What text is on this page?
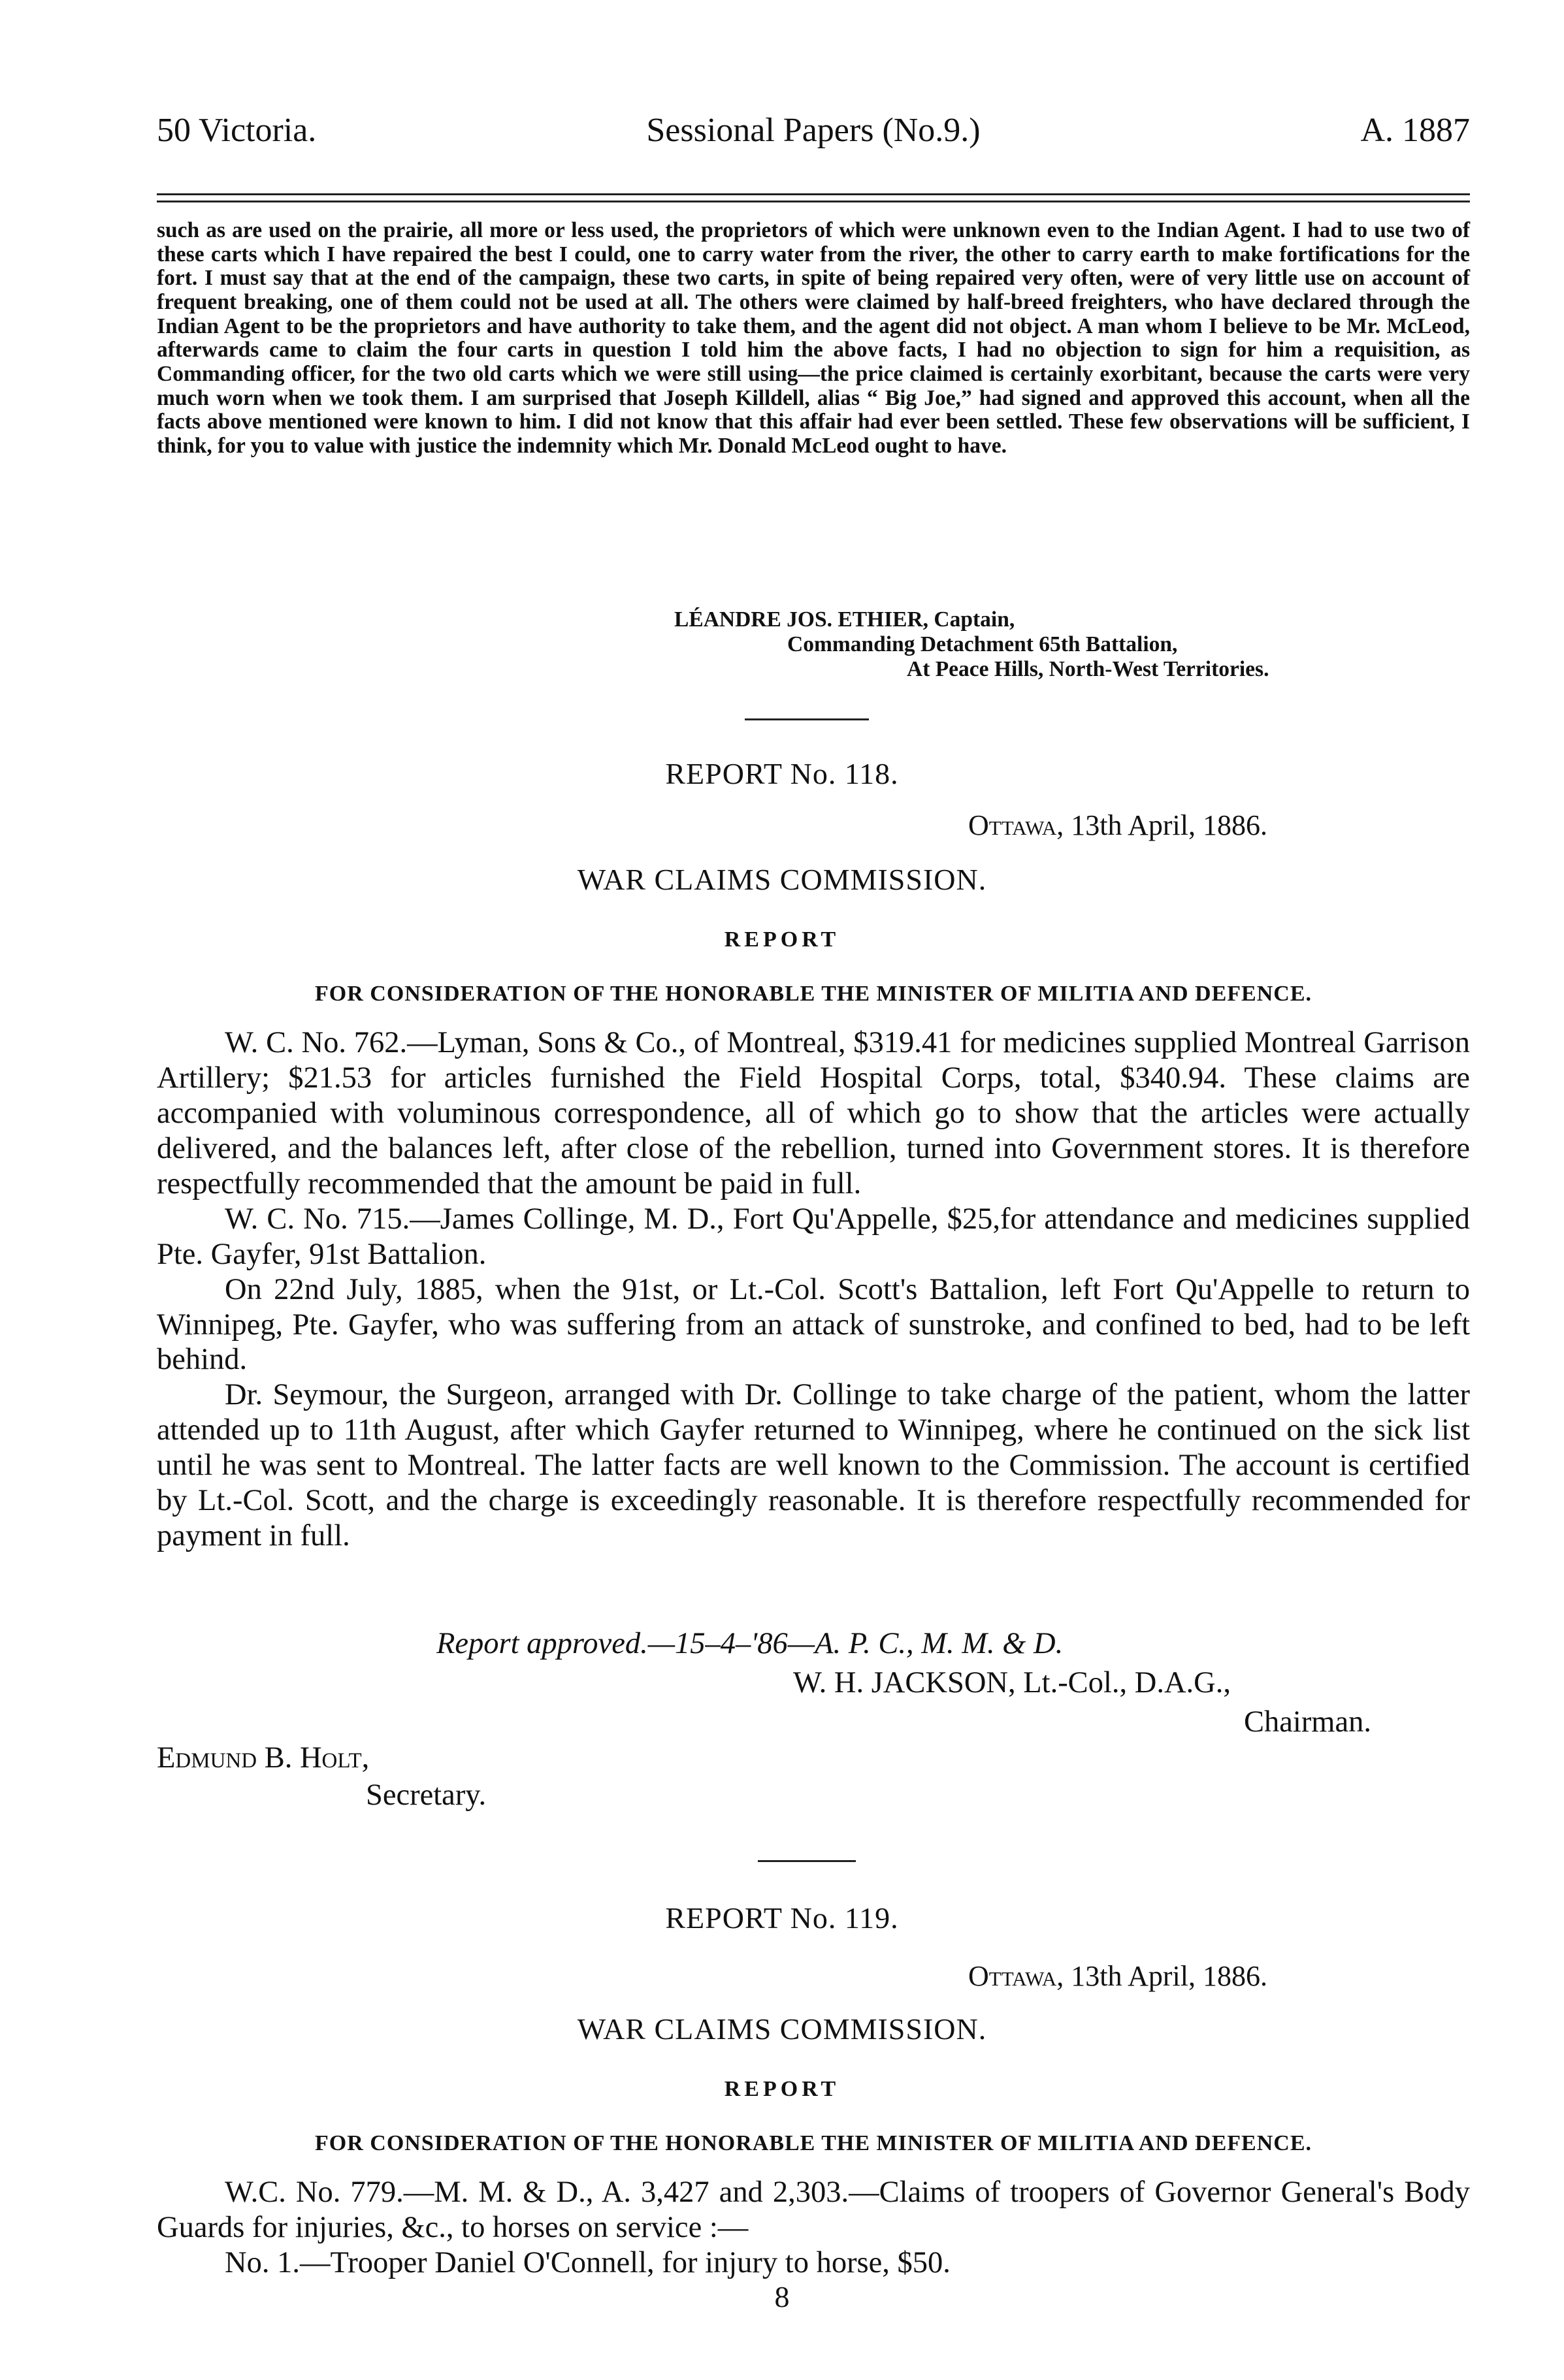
50 Victoria.	Sessional Papers (No.9.)	A. 1887

such as are used on the prairie, all more or less used, the proprietors of which were unknown even to the Indian Agent. I had to use two of these carts which I have repaired the best I could, one to carry water from the river, the other to carry earth to make fortifications for the fort. I must say that at the end of the campaign, these two carts, in spite of being repaired very often, were of very little use on account of frequent breaking, one of them could not be used at all. The others were claimed by half-breed freighters, who have declared through the Indian Agent to be the proprietors and have authority to take them, and the agent did not object. A man whom I believe to be Mr. McLeod, afterwards came to claim the four carts in question I told him the above facts, I had no objection to sign for him a requisition, as Commanding officer, for the two old carts which we were still using—the price claimed is certainly exorbitant, because the carts were very much worn when we took them. I am surprised that Joseph Killdell, alias “ Big Joe,” had signed and approved this account, when all the facts above mentioned were known to him. I did not know that this affair had ever been settled. These few observations will be sufficient, I think, for you to value with justice the indemnity which Mr. Donald McLeod ought to have.

LÉANDRE JOS. ETHIER, Captain,
Commanding Detachment 65th Battalion,
At Peace Hills, North-West Territories.
REPORT No. 118.
Ottawa, 13th April, 1886.
WAR CLAIMS COMMISSION.
REPORT
FOR CONSIDERATION OF THE HONORABLE THE MINISTER OF MILITIA AND DEFENCE.

W. C. No. 762.—Lyman, Sons & Co., of Montreal, $319.41 for medicines supplied Montreal Garrison Artillery; $21.53 for articles furnished the Field Hospital Corps, total, $340.94. These claims are accompanied with voluminous correspondence, all of which go to show that the articles were actually delivered, and the balances left, after close of the rebellion, turned into Government stores. It is therefore respectfully recommended that the amount be paid in full.

W. C. No. 715.—James Collinge, M. D., Fort Qu'Appelle, $25,for attendance and medicines supplied Pte. Gayfer, 91st Battalion.

On 22nd July, 1885, when the 91st, or Lt.-Col. Scott's Battalion, left Fort Qu'Appelle to return to Winnipeg, Pte. Gayfer, who was suffering from an attack of sunstroke, and confined to bed, had to be left behind.

Dr. Seymour, the Surgeon, arranged with Dr. Collinge to take charge of the patient, whom the latter attended up to 11th August, after which Gayfer returned to Winnipeg, where he continued on the sick list until he was sent to Montreal. The latter facts are well known to the Commission. The account is certified by Lt.-Col. Scott, and the charge is exceedingly reasonable. It is therefore respectfully recommended for payment in full.

Report approved.—15–4–'86—A. P. C., M. M. & D.
W. H. JACKSON, Lt.-Col., D.A.G.,
Chairman.
Edmund B. Holt,
Secretary.
REPORT No. 119.
Ottawa, 13th April, 1886.
WAR CLAIMS COMMISSION.
REPORT
FOR CONSIDERATION OF THE HONORABLE THE MINISTER OF MILITIA AND DEFENCE.

W.C. No. 779.—M. M. & D., A. 3,427 and 2,303.—Claims of troopers of Governor General's Body Guards for injuries, &c., to horses on service :—

No. 1.—Trooper Daniel O'Connell, for injury to horse, $50.

8
